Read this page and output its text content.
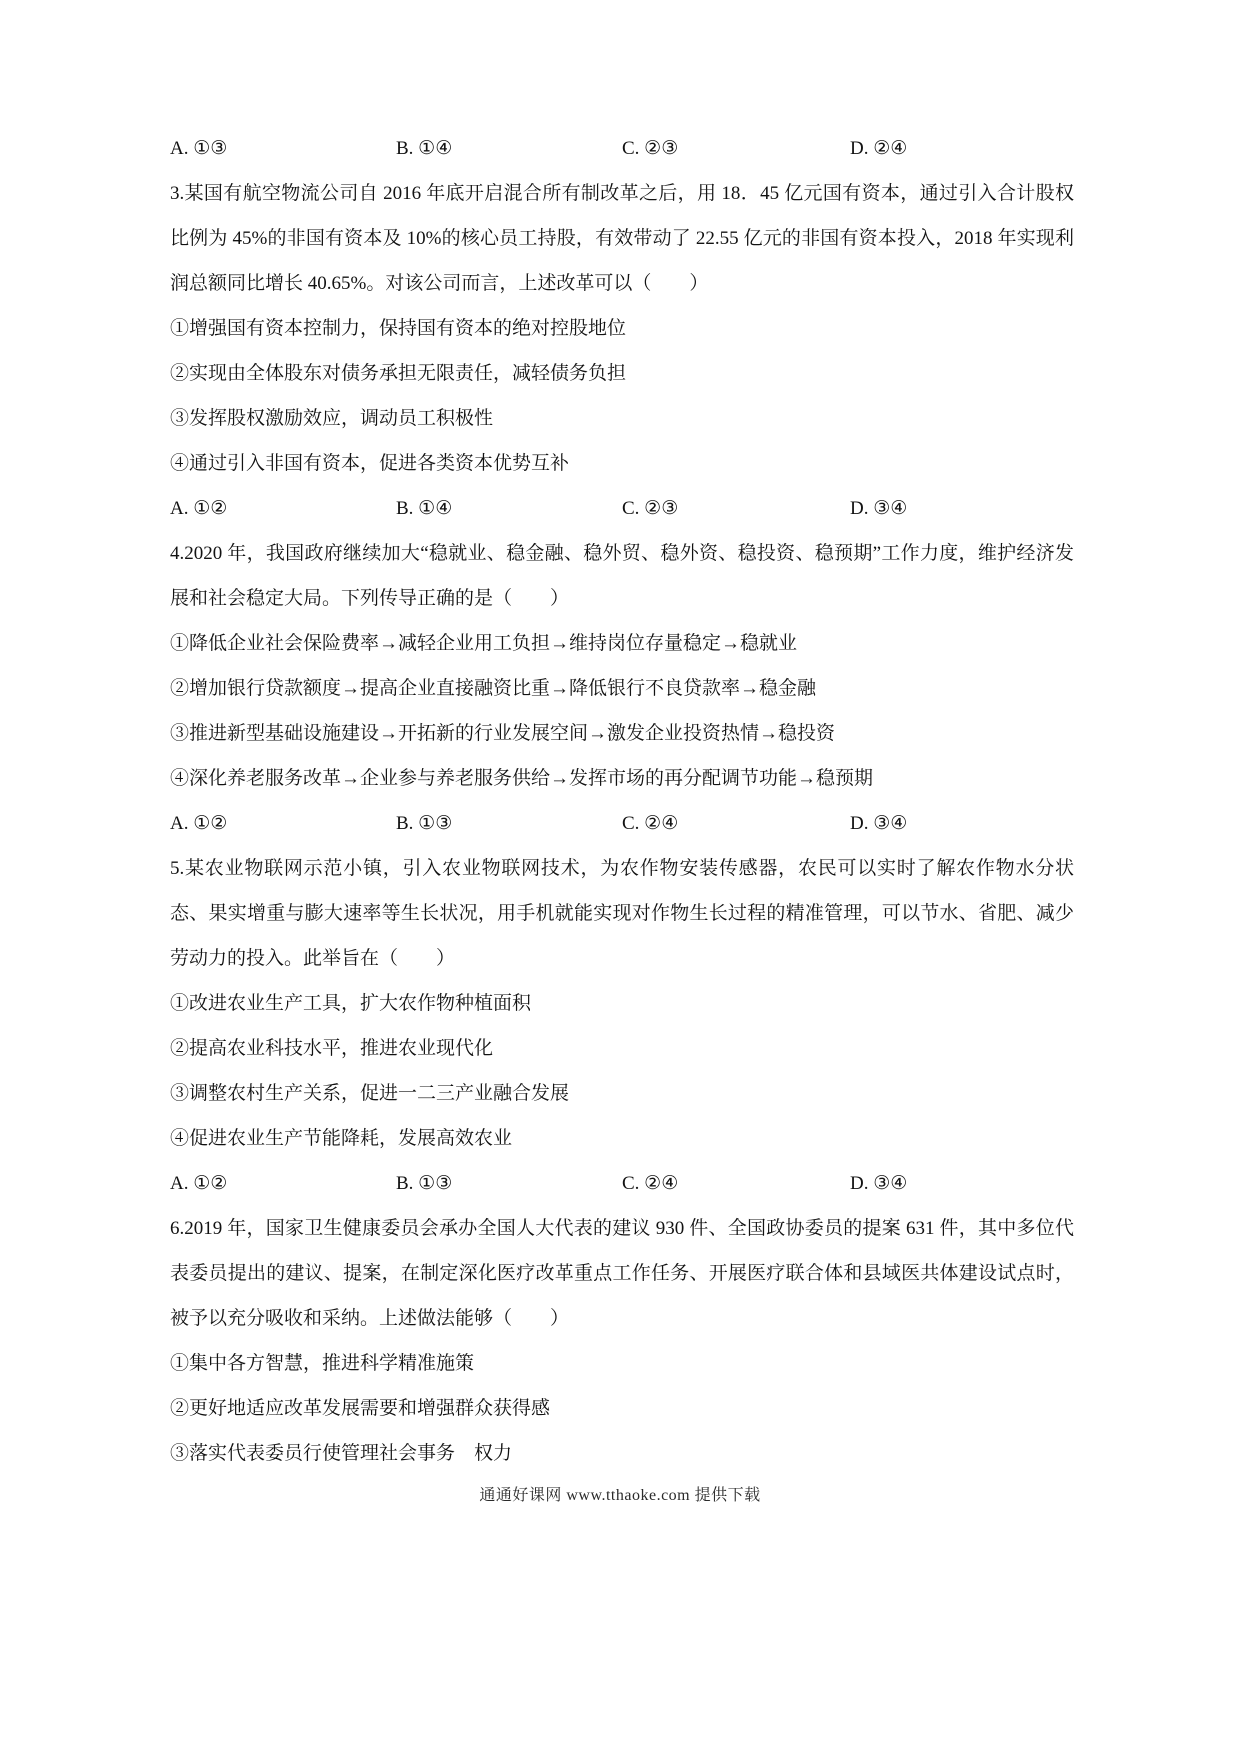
A. ①③	B. ①④	C. ②③	D. ②④

3.某国有航空物流公司自 2016 年底开启混合所有制改革之后，用 18．45 亿元国有资本，通过引入合计股权比例为 45%的非国有资本及 10%的核心员工持股，有效带动了 22.55 亿元的非国有资本投入，2018 年实现利润总额同比增长 40.65%。对该公司而言，上述改革可以（　　）

①增强国有资本控制力，保持国有资本的绝对控股地位

②实现由全体股东对债务承担无限责任，减轻债务负担

③发挥股权激励效应，调动员工积极性

④通过引入非国有资本，促进各类资本优势互补

A. ①②	B. ①④	C. ②③	D. ③④

4.2020 年，我国政府继续加大“稳就业、稳金融、稳外贸、稳外资、稳投资、稳预期”工作力度，维护经济发展和社会稳定大局。下列传导正确的是（　　）

①降低企业社会保险费率→减轻企业用工负担→维持岗位存量稳定→稳就业

②增加银行贷款额度→提高企业直接融资比重→降低银行不良贷款率→稳金融

③推进新型基础设施建设→开拓新的行业发展空间→激发企业投资热情→稳投资

④深化养老服务改革→企业参与养老服务供给→发挥市场的再分配调节功能→稳预期

A. ①②	B. ①③	C. ②④	D. ③④

5.某农业物联网示范小镇，引入农业物联网技术，为农作物安装传感器，农民可以实时了解农作物水分状态、果实增重与膨大速率等生长状况，用手机就能实现对作物生长过程的精准管理，可以节水、省肥、减少劳动力的投入。此举旨在（　　）

①改进农业生产工具，扩大农作物种植面积

②提高农业科技水平，推进农业现代化

③调整农村生产关系，促进一二三产业融合发展

④促进农业生产节能降耗，发展高效农业

A. ①②	B. ①③	C. ②④	D. ③④

6.2019 年，国家卫生健康委员会承办全国人大代表的建议 930 件、全国政协委员的提案 631 件，其中多位代表委员提出的建议、提案，在制定深化医疗改革重点工作任务、开展医疗联合体和县域医共体建设试点时，被予以充分吸收和采纳。上述做法能够（　　）

①集中各方智慧，推进科学精准施策

②更好地适应改革发展需要和增强群众获得感

③落实代表委员行使管理社会事务　权力

通通好课网 www.tthaoke.com 提供下载
